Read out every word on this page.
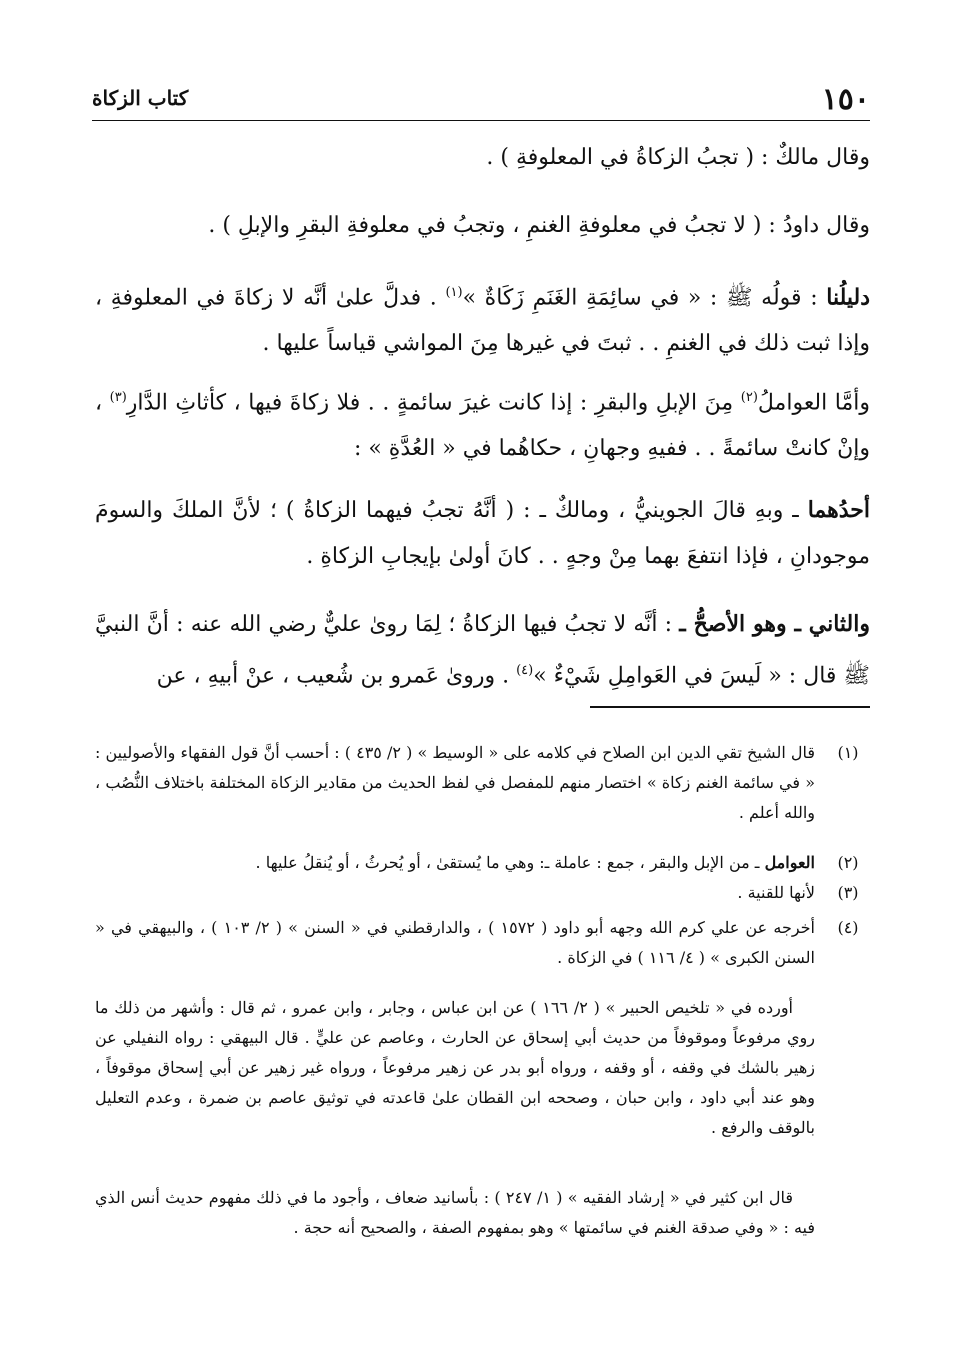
١٥٠
كتاب الزكاة

وقال مالكٌ : ( تجبُ الزكاةُ في المعلوفةِ ) .

وقال داودُ : ( لا تجبُ في معلوفةِ الغنمِ ، وتجبُ في معلوفةِ البقرِ والإبلِ ) .

دليلُنا : قولُه ﷺ : « في سائِمَةِ الغَنَمِ زَكَاةٌ »$^{(١)}$ . فدلَّ علىٰ أنَّه لا زكاةَ في المعلوفةِ ، وإذا ثبت ذلك في الغنمِ . . ثبتَ في غيرها مِنَ المواشي قياساً عليها .

وأمَّا العواملُ$^{(٢)}$ مِنَ الإبلِ والبقرِ : إذا كانت غيرَ سائمةٍ . . فلا زكاةَ فيها ، كأثاثِ الدَّارِ$^{(٣)}$ ، وإنْ كانتْ سائمةً . . ففيهِ وجهانِ ، حكاهُما في « العُدَّةِ » :

أحدُهما ـ وبهِ قالَ الجوينيُّ ، ومالكٌ ـ : ( أنَّهُ تجبُ فيهما الزكاةُ ) ؛ لأنَّ الملكَ والسومَ موجودانِ ، فإذا انتفعَ بهما مِنْ وجهٍ . . كانَ أولىٰ بإيجابِ الزكاةِ .

والثاني ـ وهو الأصحُّ ـ : أنَّه لا تجبُ فيها الزكاةُ ؛ لِمَا روىٰ عليٌّ رضي الله عنه : أنَّ النبيَّ ﷺ قال : « لَيسَ في العَوامِلِ شَيْءٌ »$^{(٤)}$ . وروىٰ عَمرو بن شُعيب ، عنْ أبيهِ ، عن

(١)
قال الشيخ تقي الدين ابن الصلاح في كلامه على « الوسيط » ( ٢/ ٤٣٥ ) : أحسب أنَّ قول الفقهاء والأصوليين : « في سائمة الغنم زكاة » اختصار منهم للمفصل في لفظ الحديث من مقادير الزكاة المختلفة باختلاف النُّصُب ، والله أعلم .
(٢)
العوامل ـ من الإبل والبقر ، جمع : عاملة ـ: وهي ما يُستقىٰ ، أو يُحرثُ ، أو يُنقلُ عليها .
(٣)
لأنها للقنية .
(٤)
أخرجه عن علي كرم الله وجهه أبو داود ( ١٥٧٢ ) ، والدارقطني في « السنن » ( ٢/ ١٠٣ ) ، والبيهقي في « السنن الكبرى » ( ٤/ ١١٦ ) في الزكاة .
أورده في « تلخيص الحبير » ( ٢/ ١٦٦ ) عن ابن عباس ، وجابر ، وابن عمرو ، ثم قال : وأشهر من ذلك ما روي مرفوعاً وموقوفاً من حديث أبي إسحاق عن الحارث ، وعاصم عن عليٍّ . قال البيهقي : رواه النفيلي عن زهير بالشك في وقفه ، أو وقفه ، ورواه أبو بدر عن زهير مرفوعاً ، ورواه غير زهير عن أبي إسحاق موقوفاً ، وهو عند أبي داود ، وابن حبان ، وصححه ابن القطان علىٰ قاعدته في توثيق عاصم بن ضمرة ، وعدم التعليل بالوقف والرفع .
قال ابن كثير في « إرشاد الفقيه » ( ١/ ٢٤٧ ) : بأسانيد ضعاف ، وأجود ما في ذلك مفهوم حديث أنس الذي فيه : « وفي صدقة الغنم في سائمتها » وهو بمفهوم الصفة ، والصحيح أنه حجة .
